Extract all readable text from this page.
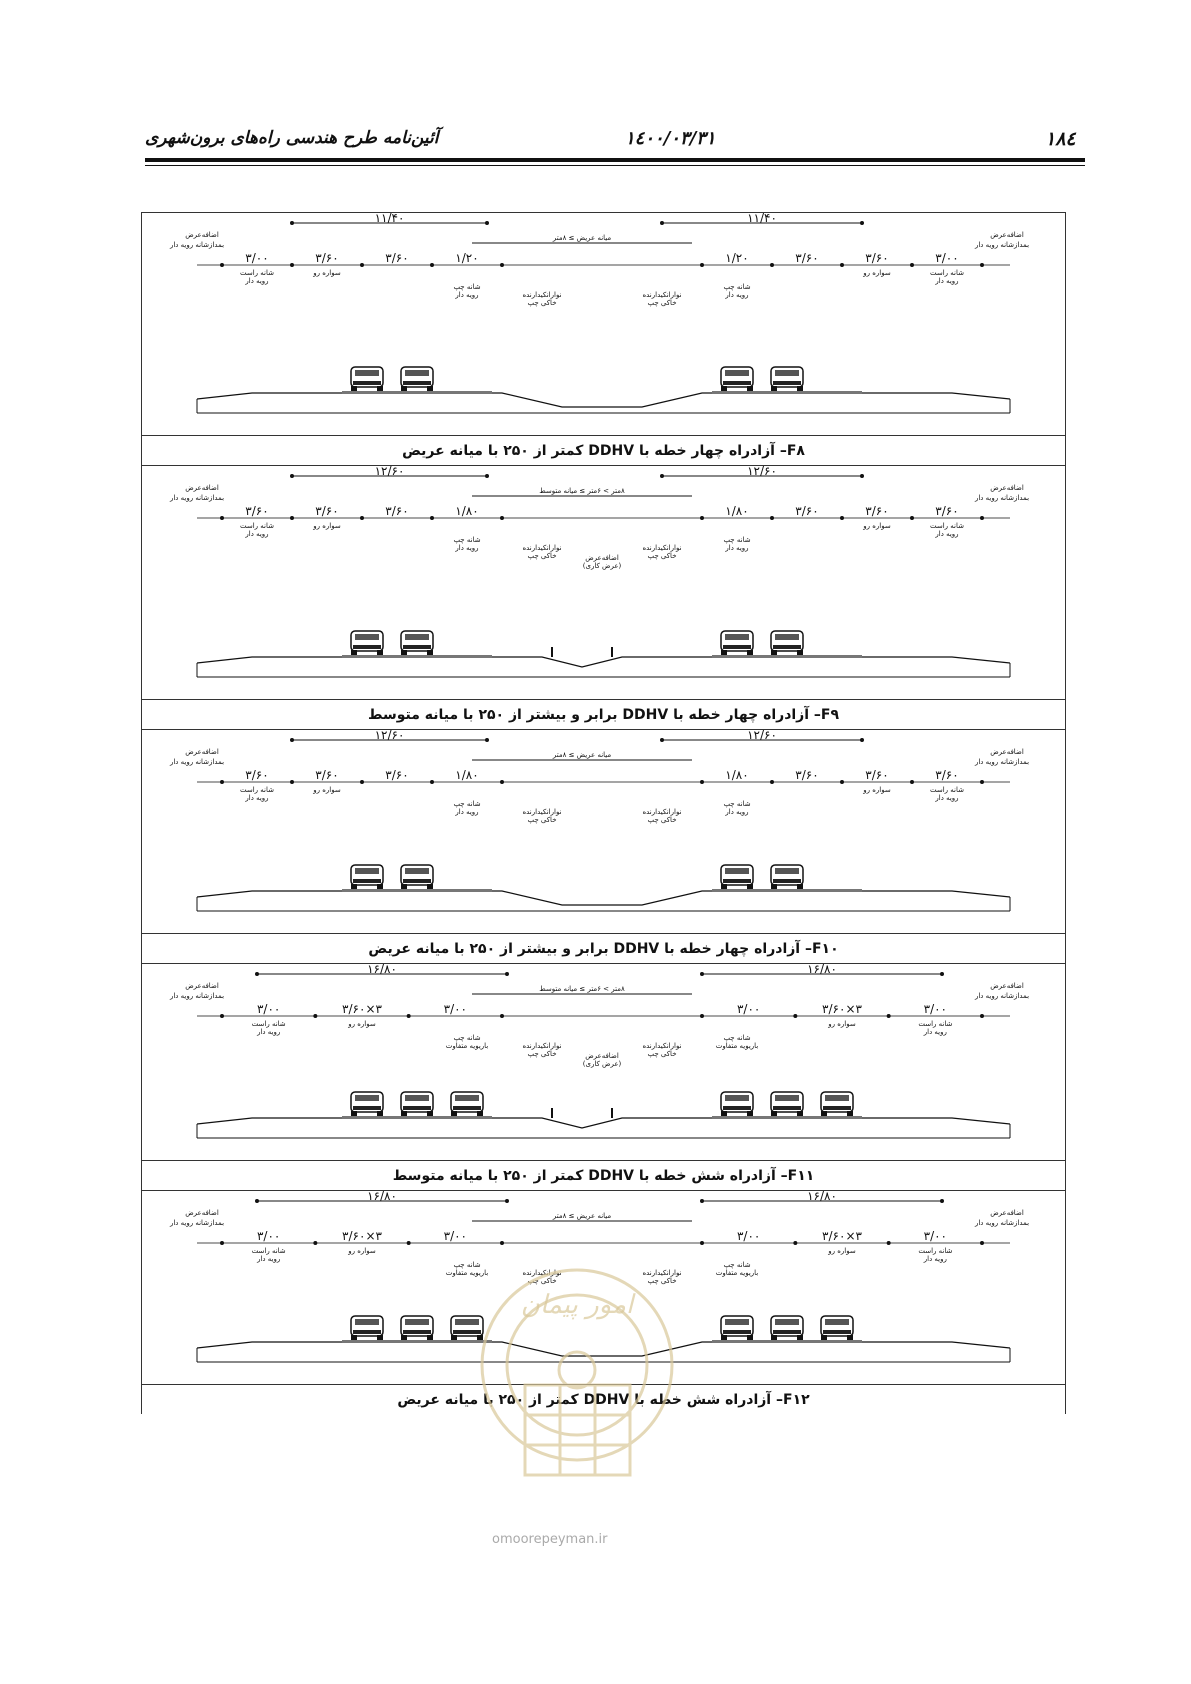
۱۸٤
۱٤۰۰/۰۳/۳۱
آئین‌نامه طرح هندسی راه‌های برون‌شهری
۱۱/۴۰	۱۱/۴۰
میانه عریض ≥ ۸متر
۳/۰۰	۳/۰۰
۳/۶۰	۳/۶۰
۳/۶۰	۳/۶۰
۱/۲۰	۱/۲۰
اضافه‌عرض
بمدازشانه رویه دار
اضافه‌عرض
بمدازشانه رویه دار
شانه راست
رویه دار
شانه راست
رویه دار
سواره رو	سواره رو
شانه چپ
رویه دار
شانه چپ
رویه دار
نوارانکیدارنده
خاکی چپ
نوارانکیدارنده
خاکی چپ
F۸– آزادراه چهار خطه با DDHV کمتر از ۲۵۰ با میانه عریض
۱۲/۶۰	۱۲/۶۰
۸متر > ۶متر ≥ میانه متوسط
۳/۶۰	۳/۶۰
۳/۶۰	۳/۶۰
۳/۶۰	۳/۶۰
۱/۸۰	۱/۸۰
اضافه‌عرض
بمدازشانه رویه دار
اضافه‌عرض
بمدازشانه رویه دار
شانه راست
رویه دار
شانه راست
رویه دار
سواره رو	سواره رو
شانه چپ
رویه دار
شانه چپ
رویه دار
نوارانکیدارنده
خاکی چپ
نوارانکیدارنده
خاکی چپ
اضافه‌عرض
(عرض کاری)
F۹– آزادراه چهار خطه با DDHV برابر و بیشتر از ۲۵۰ با میانه متوسط
۱۲/۶۰	۱۲/۶۰
میانه عریض ≥ ۸متر
۳/۶۰	۳/۶۰
۳/۶۰	۳/۶۰
۳/۶۰	۳/۶۰
۱/۸۰	۱/۸۰
اضافه‌عرض
بمدازشانه رویه دار
اضافه‌عرض
بمدازشانه رویه دار
شانه راست
رویه دار
شانه راست
رویه دار
سواره رو	سواره رو
شانه چپ
رویه دار
شانه چپ
رویه دار
نوارانکیدارنده
خاکی چپ
نوارانکیدارنده
خاکی چپ
F۱۰– آزادراه چهار خطه با DDHV برابر و بیشتر از ۲۵۰ با میانه عریض
۱۶/۸۰	۱۶/۸۰
۸متر > ۶متر ≥ میانه متوسط
۳/۰۰	۳/۰۰
۳×۳/۶۰	۳×۳/۶۰
۳/۰۰	۳/۰۰
اضافه‌عرض
بمدازشانه رویه دار
اضافه‌عرض
بمدازشانه رویه دار
شانه راست
رویه دار
شانه راست
رویه دار
سواره رو	سواره رو
شانه چپ
باریویه متفاوت
شانه چپ
باریویه متفاوت
نوارانکیدارنده
خاکی چپ
نوارانکیدارنده
خاکی چپ
اضافه‌عرض
(عرض کاری)
F۱۱– آزادراه شش خطه با DDHV کمتر از ۲۵۰ با میانه متوسط
۱۶/۸۰	۱۶/۸۰
میانه عریض ≥ ۸متر
۳/۰۰	۳/۰۰
۳×۳/۶۰	۳×۳/۶۰
۳/۰۰	۳/۰۰
اضافه‌عرض
بمدازشانه رویه دار
اضافه‌عرض
بمدازشانه رویه دار
شانه راست
رویه دار
شانه راست
رویه دار
سواره رو	سواره رو
شانه چپ
باریویه متفاوت
شانه چپ
باریویه متفاوت
نوارانکیدارنده
خاکی چپ
نوارانکیدارنده
خاکی چپ
F۱۲– آزادراه شش خطه با DDHV کمتر از ۲۵۰ با میانه عریض
امور پیمان
omoorepeyman.ir
